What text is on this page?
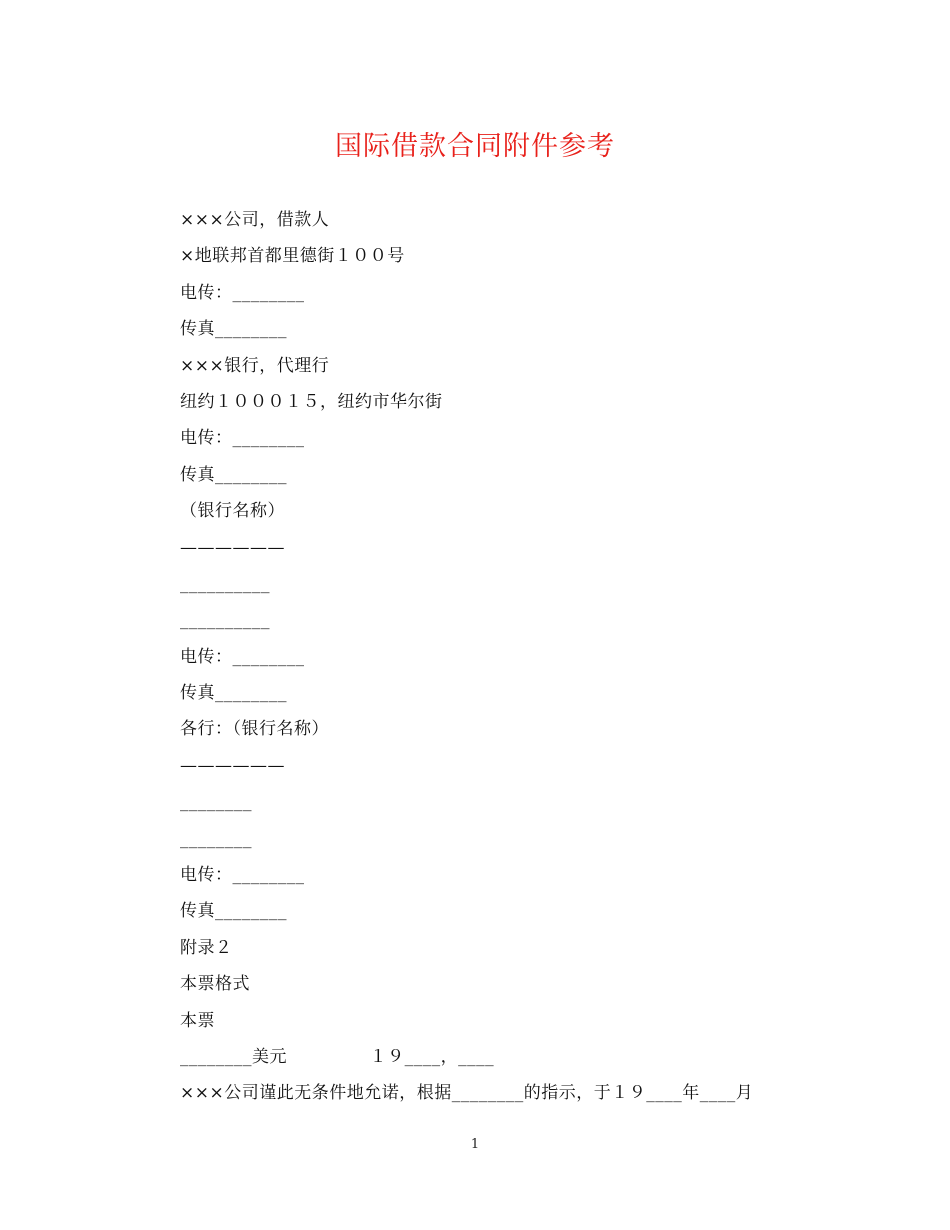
国际借款合同附件参考
×××公司，借款人
×地联邦首都里德街１００号
电传：________
传真________
×××银行，代理行
纽约１０００１５，纽约市华尔街
电传：________
传真________
（银行名称）
——————
__________
__________
电传：________
传真________
各行：（银行名称）
——————
________
________
电传：________
传真________
附录２
本票格式
本票
________美元              １９____，____
×××公司谨此无条件地允诺，根据________的指示，于１９____年____月
1
